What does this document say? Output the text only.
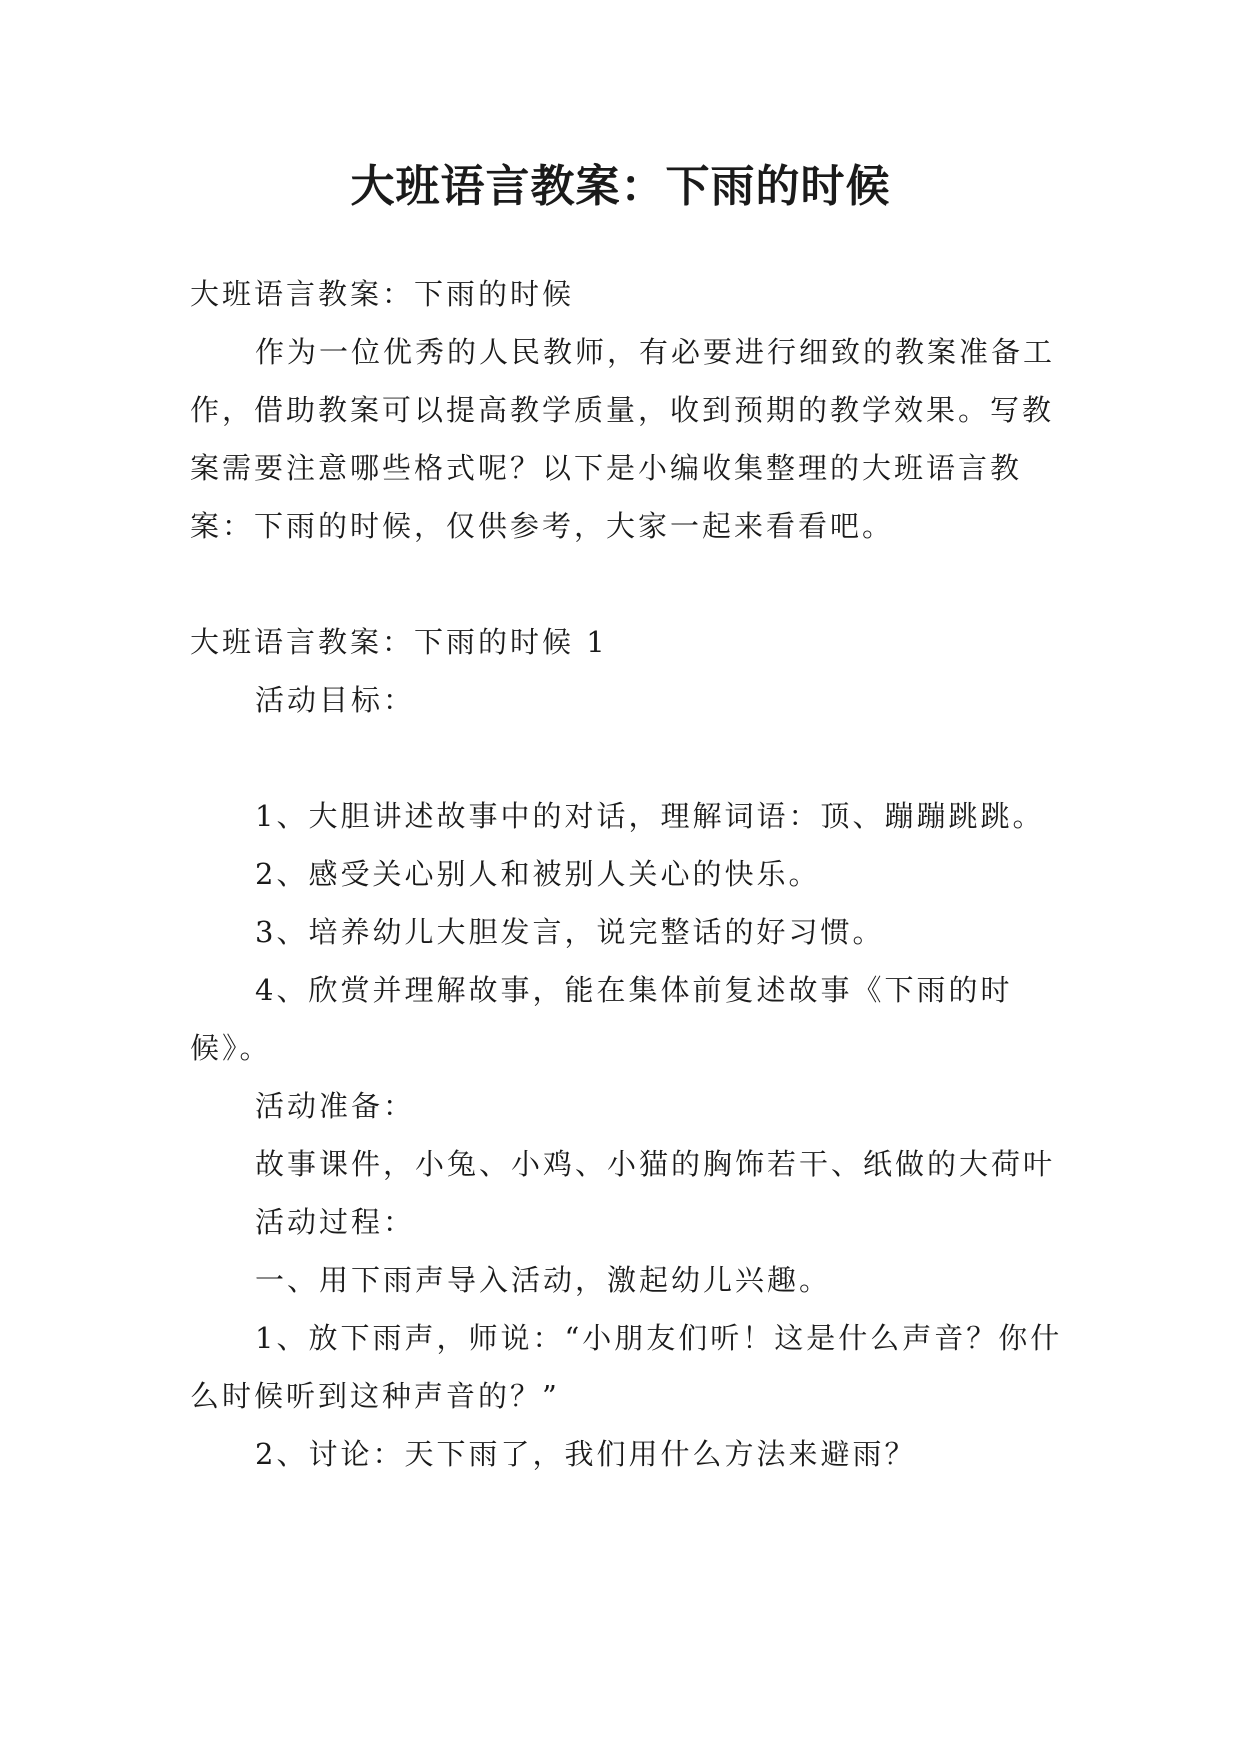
大班语言教案：下雨的时候

大班语言教案：下雨的时候

作为一位优秀的人民教师，有必要进行细致的教案准备工作，借助教案可以提高教学质量，收到预期的教学效果。写教案需要注意哪些格式呢？以下是小编收集整理的大班语言教案：下雨的时候，仅供参考，大家一起来看看吧。

大班语言教案：下雨的时候 1

活动目标：

1、大胆讲述故事中的对话，理解词语：顶、蹦蹦跳跳。

2、感受关心别人和被别人关心的快乐。

3、培养幼儿大胆发言，说完整话的好习惯。

4、欣赏并理解故事，能在集体前复述故事《下雨的时候》。

活动准备：

故事课件，小兔、小鸡、小猫的胸饰若干、纸做的大荷叶

活动过程：

一、用下雨声导入活动，激起幼儿兴趣。

1、放下雨声，师说：“小朋友们听！这是什么声音？你什么时候听到这种声音的？”

2、讨论：天下雨了，我们用什么方法来避雨？
